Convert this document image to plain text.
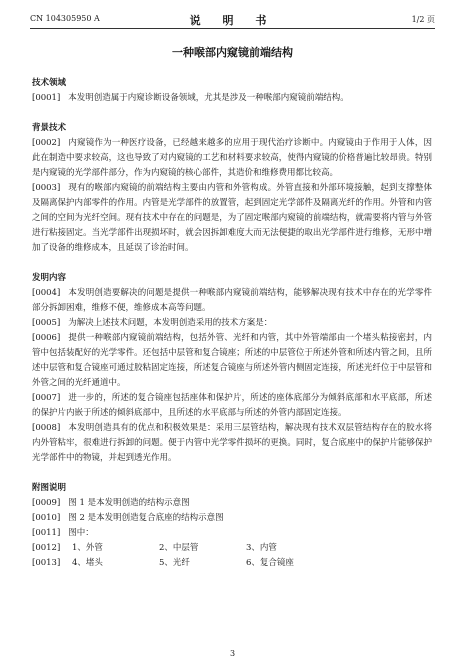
CN 104305950 A	说 明 书	1/2 页
一种喉部内窥镜前端结构
技术领域

[0001] 本发明创造属于内窥诊断设备领域，尤其是涉及一种喉部内窥镜前端结构。

背景技术

[0002] 内窥镜作为一种医疗设备，已经越来越多的应用于现代治疗诊断中。内窥镜由于作用于人体，因此在制造中要求较高，这也导致了对内窥镜的工艺和材料要求较高，使得内窥镜的价格普遍比较昂贵。特别是内窥镜的光学部件部分，作为内窥镜的核心部件，其造价和维修费用都比较高。

[0003] 现有的喉部内窥镜的前端结构主要由内管和外管构成。外管直接和外部环境接触，起到支撑整体及隔离保护内部零件的作用。内管是光学部件的放置管，起到固定光学部件及隔离光纤的作用。外管和内管之间的空间为光纤空间。现有技术中存在的问题是，为了固定喉部内窥镜的前端结构，就需要将内管与外管进行粘接固定。当光学部件出现损坏时，就会因拆卸难度大而无法便捷的取出光学部件进行维修，无形中增加了设备的维修成本，且延误了诊治时间。

发明内容

[0004] 本发明创造要解决的问题是提供一种喉部内窥镜前端结构，能够解决现有技术中存在的光学零件部分拆卸困难，维修不便，维修成本高等问题。

[0005] 为解决上述技术问题，本发明创造采用的技术方案是：

[0006] 提供一种喉部内窥镜前端结构，包括外管、光纤和内管，其中外管端部由一个堵头粘接密封，内管中包括装配好的光学零件。还包括中层管和复合镜座；所述的中层管位于所述外管和所述内管之间，且所述中层管和复合镜座可通过胶粘固定连接，所述复合镜座与所述外管内侧固定连接，所述光纤位于中层管和外管之间的光纤通道中。

[0007] 进一步的，所述的复合镜座包括座体和保护片，所述的座体底部分为倾斜底部和水平底部，所述的保护片内嵌于所述的倾斜底部中，且所述的水平底部与所述的外管内部固定连接。

[0008] 本发明创造具有的优点和积极效果是：采用三层管结构，解决现有技术双层管结构存在的胶水将内外管粘牢，很难进行拆卸的问题。便于内管中光学零件损坏的更换。同时，复合底座中的保护片能够保护光学部件中的物镜，并起到透光作用。

附图说明

[0009] 图 1 是本发明创造的结构示意图

[0010] 图 2 是本发明创造复合底座的结构示意图

[0011] 图中：

[0012] 1、外管	2、中层管	3、内管
[0013] 4、堵头	5、光纤	6、复合镜座
3
